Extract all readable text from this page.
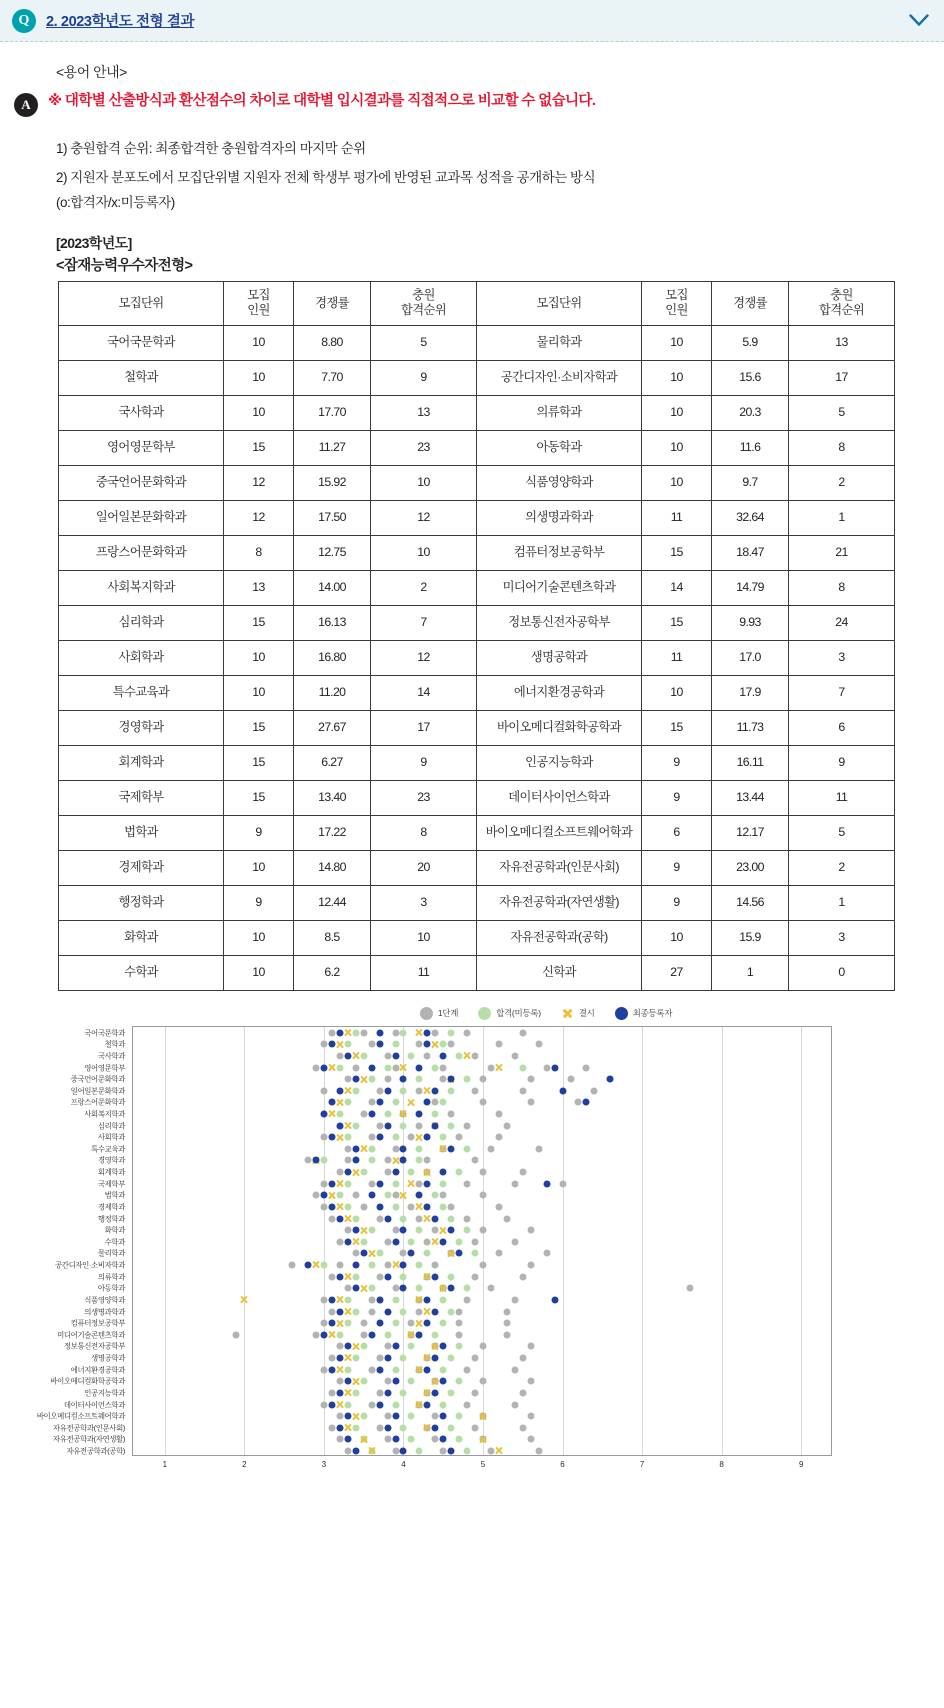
Q	2. 2023학년도 전형 결과
<용어 안내>
A	※ 대학별 산출방식과 환산점수의 차이로 대학별 입시결과를 직접적으로 비교할 수 없습니다.
1) 충원합격 순위: 최종합격한 충원합격자의 마지막 순위
2) 지원자 분포도에서 모집단위별 지원자 전체 학생부 평가에 반영된 교과목 성적을 공개하는 방식
(o:합격자/x:미등록자)
[2023학년도]
<잠재능력우수자전형>
모집단위	모집
인원	경쟁률	충원
합격순위	모집단위	모집
인원	경쟁률	충원
합격순위
국어국문학과	10	8.80	5	물리학과	10	5.9	13
철학과	10	7.70	9	공간디자인·소비자학과	10	15.6	17
국사학과	10	17.70	13	의류학과	10	20.3	5
영어영문학부	15	11.27	23	아동학과	10	11.6	8
중국언어문화학과	12	15.92	10	식품영양학과	10	9.7	2
일어일본문화학과	12	17.50	12	의생명과학과	11	32.64	1
프랑스어문화학과	8	12.75	10	컴퓨터정보공학부	15	18.47	21
사회복지학과	13	14.00	2	미디어기술콘텐츠학과	14	14.79	8
심리학과	15	16.13	7	정보통신전자공학부	15	9.93	24
사회학과	10	16.80	12	생명공학과	11	17.0	3
특수교육과	10	11.20	14	에너지환경공학과	10	17.9	7
경영학과	15	27.67	17	바이오메디컬화학공학과	15	11.73	6
회계학과	15	6.27	9	인공지능학과	9	16.11	9
국제학부	15	13.40	23	데이터사이언스학과	9	13.44	11
법학과	9	17.22	8	바이오메디컬소프트웨어학과	6	12.17	5
경제학과	10	14.80	20	자유전공학과(인문사회)	9	23.00	2
행정학과	9	12.44	3	자유전공학과(자연생활)	9	14.56	1
화학과	10	8.5	10	자유전공학과(공학)	10	15.9	3
수학과	10	6.2	11	신학과	27	1	0
1단계	합격(미등록)	결시	최종등록자
1	2	3	4	5	6	7	8	9
국어국문학과
철학과
국사학과
영어영문학부
중국언어문화학과
일어일본문화학과
프랑스어문화학과
사회복지학과
심리학과
사회학과
특수교육과
경영학과
회계학과
국제학부
법학과
경제학과
행정학과
화학과
수학과
물리학과
공간디자인·소비자학과
의류학과
아동학과
식품영양학과
의생명과학과
컴퓨터정보공학부
미디어기술콘텐츠학과
정보통신전자공학부
생명공학과
에너지환경공학과
바이오메디컬화학공학과
인공지능학과
데이터사이언스학과
바이오메디컬소프트웨어학과
자유전공학과(인문사회)
자유전공학과(자연생활)
자유전공학과(공학)
